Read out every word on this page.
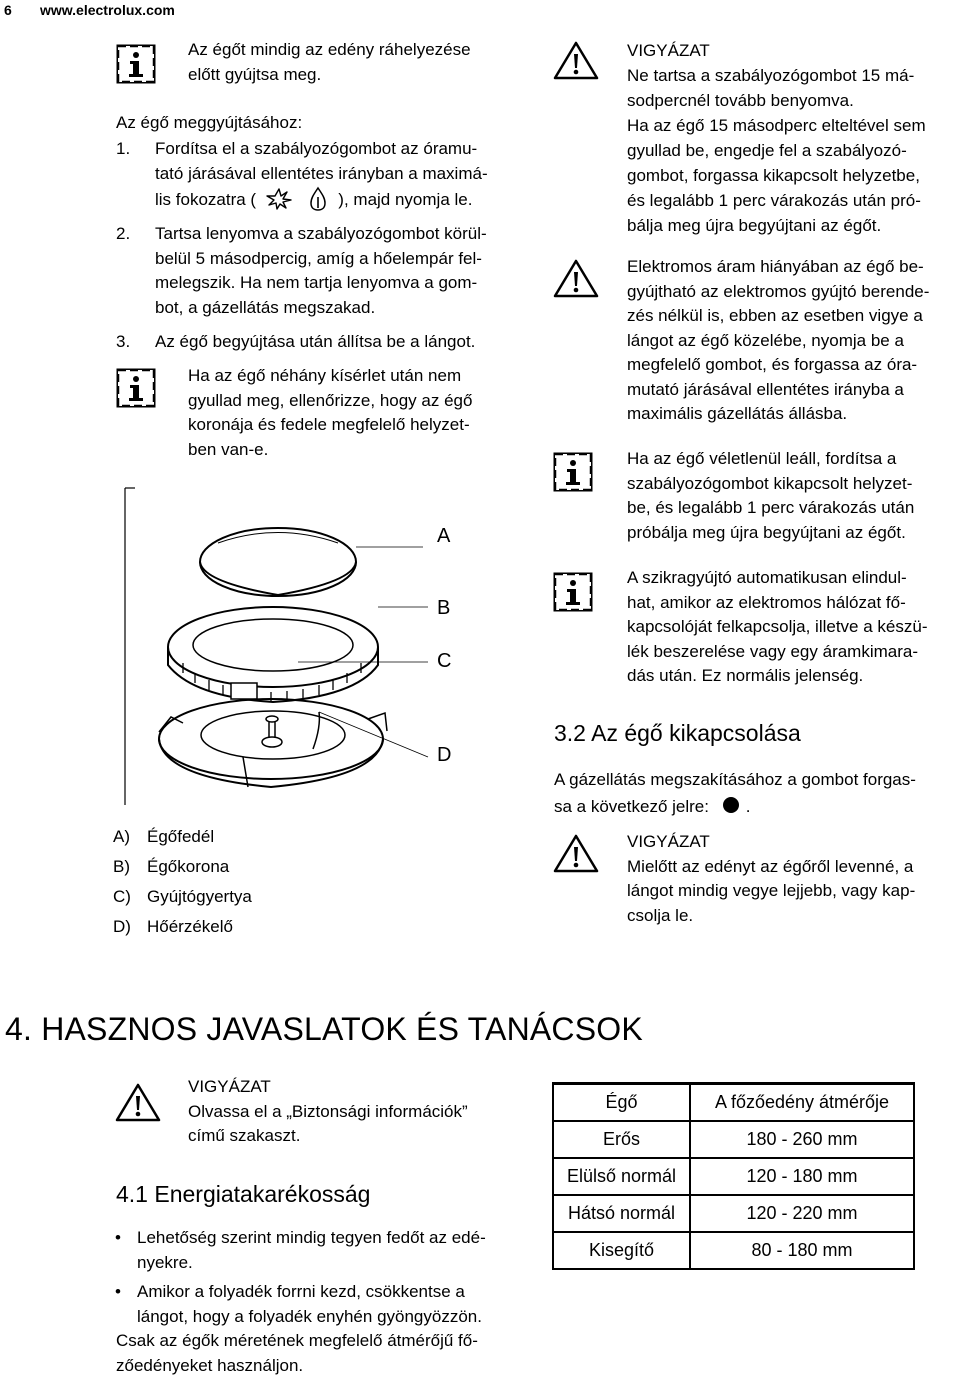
6 www.electrolux.com
Az égőt mindig az edény ráhelyezése
előtt gyújtsa meg.
Az égő meggyújtásához:
1.	Fordítsa el a szabályozógombot az óramu-
tató járásával ellentétes irányban a maximá-
lis fokozatra (	), majd nyomja le.
2.	Tartsa lenyomva a szabályozógombot körül-
belül 5 másodpercig, amíg a hőelempár fel-
melegszik. Ha nem tartja lenyomva a gom-
bot, a gázellátás megszakad.
3.	Az égő begyújtása után állítsa be a lángot.
Ha az égő néhány kísérlet után nem
gyullad meg, ellenőrizze, hogy az égő
koronája és fedele megfelelő helyzet-
ben van-e.
A
B
C
D
A) Égőfedél
B) Égőkorona
C) Gyújtógyertya
D) Hőérzékelő
VIGYÁZAT
Ne tartsa a szabályozógombot 15 má-
sodpercnél tovább benyomva.
Ha az égő 15 másodperc elteltével sem
gyullad be, engedje fel a szabályozó-
gombot, forgassa kikapcsolt helyzetbe,
és legalább 1 perc várakozás után pró-
bálja meg újra begyújtani az égőt.
Elektromos áram hiányában az égő be-
gyújtható az elektromos gyújtó berende-
zés nélkül is, ebben az esetben vigye a
lángot az égő közelébe, nyomja be a
megfelelő gombot, és forgassa az óra-
mutató járásával ellentétes irányba a
maximális gázellátás állásba.
Ha az égő véletlenül leáll, fordítsa a
szabályozógombot kikapcsolt helyzet-
be, és legalább 1 perc várakozás után
próbálja meg újra begyújtani az égőt.
A szikragyújtó automatikusan elindul-
hat, amikor az elektromos hálózat fő-
kapcsolóját felkapcsolja, illetve a készü-
lék beszerelése vagy egy áramkimara-
dás után. Ez normális jelenség.
3.2 Az égő kikapcsolása
A gázellátás megszakításához a gombot forgas-
sa a következő jelre: .
VIGYÁZAT
Mielőtt az edényt az égőről levenné, a
lángot mindig vegye lejjebb, vagy kap-
csolja le.
4. HASZNOS JAVASLATOK ÉS TANÁCSOK
VIGYÁZAT
Olvassa el a „Biztonsági információk”
című szakaszt.
4.1 Energiatakarékosság
• Lehetőség szerint mindig tegyen fedőt az edé-
nyekre.
• Amikor a folyadék forrni kezd, csökkentse a
lángot, hogy a folyadék enyhén gyöngyözzön.
Csak az égők méretének megfelelő átmérőjű fő-
zőedényeket használjon.
Égő	A főzőedény átmérője
Erős	180 - 260 mm
Elülső normál	120 - 180 mm
Hátsó normál	120 - 220 mm
Kisegítő	80 - 180 mm
